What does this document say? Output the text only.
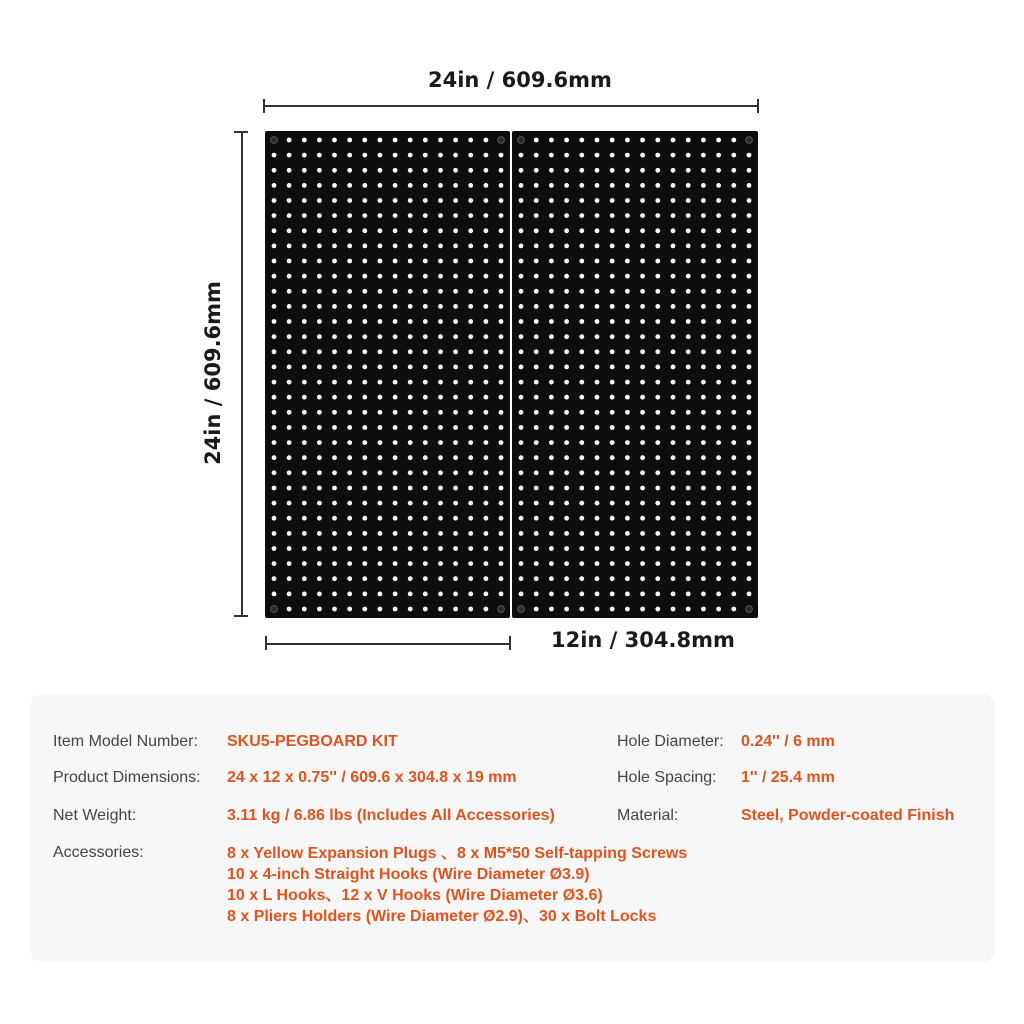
24in / 609.6mm
24in / 609.6mm
12in / 304.8mm
Item Model Number: SKU5-PEGBOARD KIT
Product Dimensions: 24 x 12 x 0.75'' / 609.6 x 304.8 x 19 mm
Net Weight:	3.11 kg / 6.86 lbs (Includes All Accessories)
Hole Diameter: 0.24'' / 6 mm
Hole Spacing: 1'' / 25.4 mm
Material:	Steel, Powder-coated Finish
Accessories:	8 x Yellow Expansion Plugs 、8 x M5*50 Self-tapping Screws
10 x 4-inch Straight Hooks (Wire Diameter Ø3.9)
10 x L Hooks、12 x V Hooks (Wire Diameter Ø3.6)
8 x Pliers Holders (Wire Diameter Ø2.9)、30 x Bolt Locks
